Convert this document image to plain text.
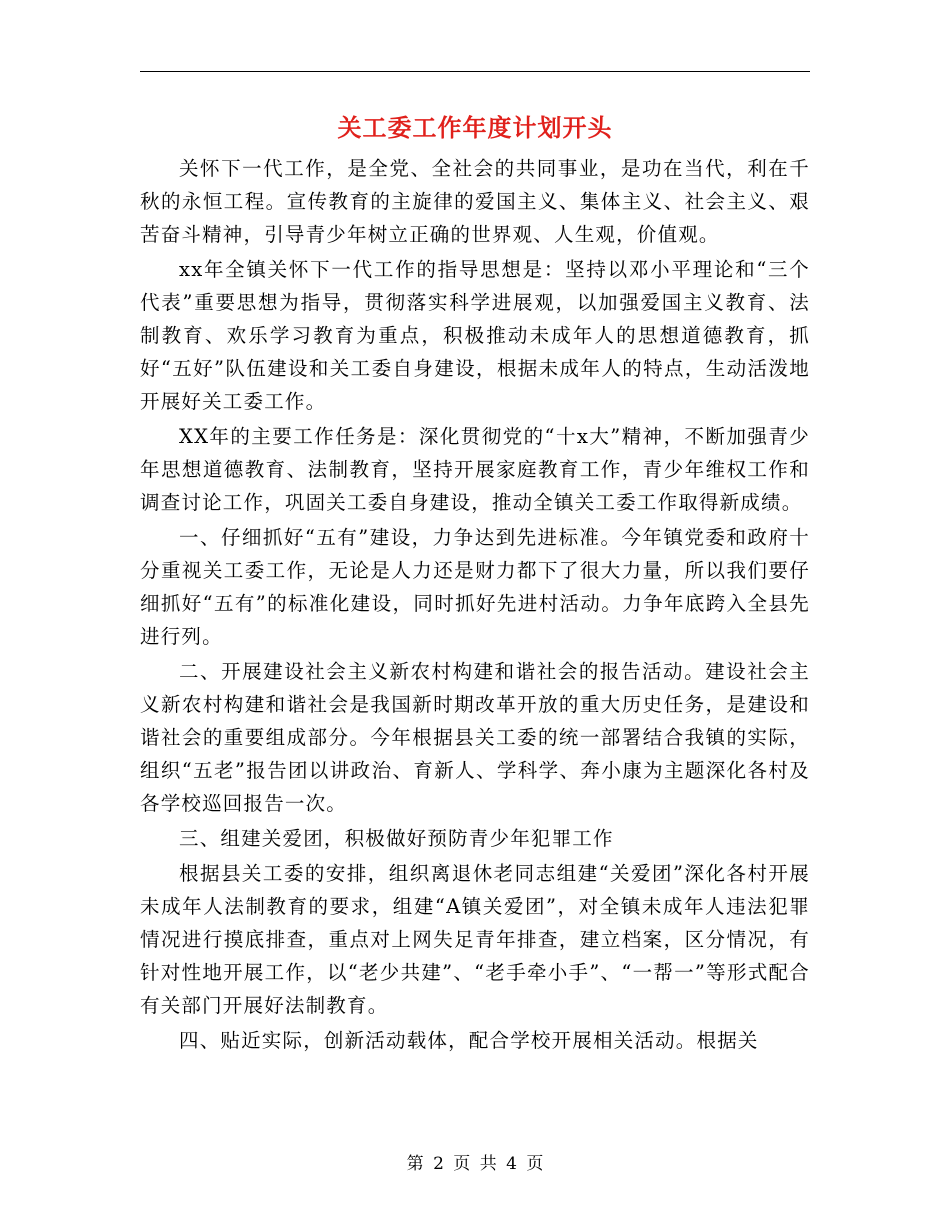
关工委工作年度计划开头

关怀下一代工作，是全党、全社会的共同事业，是功在当代，利在千秋的永恒工程。宣传教育的主旋律的爱国主义、集体主义、社会主义、艰苦奋斗精神，引导青少年树立正确的世界观、人生观，价值观。

xx年全镇关怀下一代工作的指导思想是：坚持以邓小平理论和“三个代表”重要思想为指导，贯彻落实科学进展观，以加强爱国主义教育、法制教育、欢乐学习教育为重点，积极推动未成年人的思想道德教育，抓好“五好”队伍建设和关工委自身建设，根据未成年人的特点，生动活泼地开展好关工委工作。

XX年的主要工作任务是：深化贯彻党的“十x大”精神，不断加强青少年思想道德教育、法制教育，坚持开展家庭教育工作，青少年维权工作和调查讨论工作，巩固关工委自身建设，推动全镇关工委工作取得新成绩。

一、仔细抓好“五有”建设，力争达到先进标准。今年镇党委和政府十分重视关工委工作，无论是人力还是财力都下了很大力量，所以我们要仔细抓好“五有”的标准化建设，同时抓好先进村活动。力争年底跨入全县先进行列。

二、开展建设社会主义新农村构建和谐社会的报告活动。建设社会主义新农村构建和谐社会是我国新时期改革开放的重大历史任务，是建设和谐社会的重要组成部分。今年根据县关工委的统一部署结合我镇的实际，组织“五老”报告团以讲政治、育新人、学科学、奔小康为主题深化各村及各学校巡回报告一次。

三、组建关爱团，积极做好预防青少年犯罪工作

根据县关工委的安排，组织离退休老同志组建“关爱团”深化各村开展未成年人法制教育的要求，组建“A镇关爱团”，对全镇未成年人违法犯罪情况进行摸底排查，重点对上网失足青年排查，建立档案，区分情况，有针对性地开展工作，以“老少共建”、“老手牵小手”、“一帮一”等形式配合有关部门开展好法制教育。

四、贴近实际，创新活动载体，配合学校开展相关活动。根据关

第 2 页 共 4 页
